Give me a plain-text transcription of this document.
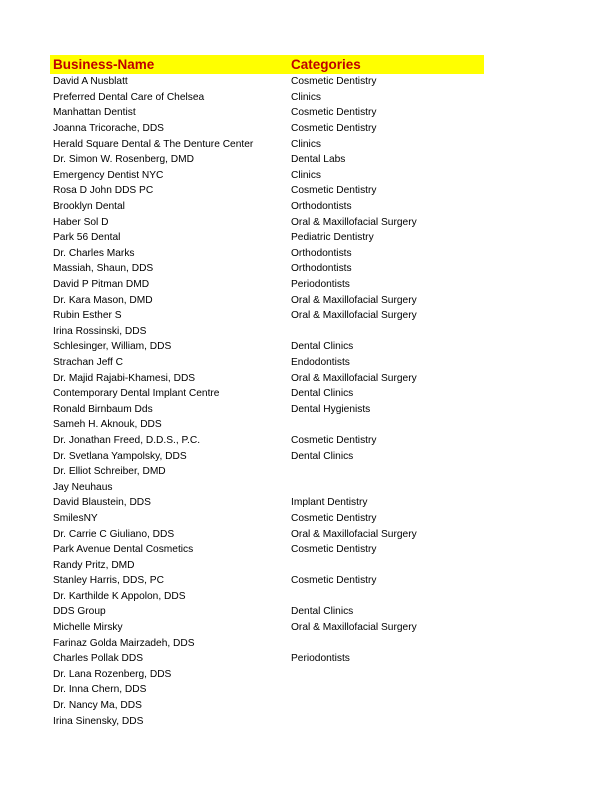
Business-Name	Categories
David A Nusblatt	Cosmetic Dentistry
Preferred Dental Care of Chelsea	Clinics
Manhattan Dentist	Cosmetic Dentistry
Joanna Tricorache, DDS	Cosmetic Dentistry
Herald Square Dental & The Denture Center	Clinics
Dr. Simon W. Rosenberg, DMD	Dental Labs
Emergency Dentist NYC	Clinics
Rosa D John DDS PC	Cosmetic Dentistry
Brooklyn Dental	Orthodontists
Haber Sol D	Oral & Maxillofacial Surgery
Park 56 Dental	Pediatric Dentistry
Dr. Charles Marks	Orthodontists
Massiah, Shaun, DDS	Orthodontists
David P Pitman DMD	Periodontists
Dr. Kara Mason, DMD	Oral & Maxillofacial Surgery
Rubin Esther S	Oral & Maxillofacial Surgery
Irina Rossinski, DDS
Schlesinger, William, DDS	Dental Clinics
Strachan Jeff C	Endodontists
Dr. Majid Rajabi-Khamesi, DDS	Oral & Maxillofacial Surgery
Contemporary Dental Implant Centre	Dental Clinics
Ronald Birnbaum Dds	Dental Hygienists
Sameh H. Aknouk, DDS
Dr. Jonathan Freed, D.D.S., P.C.	Cosmetic Dentistry
Dr. Svetlana Yampolsky, DDS	Dental Clinics
Dr. Elliot Schreiber, DMD
Jay Neuhaus
David Blaustein, DDS	Implant Dentistry
SmilesNY	Cosmetic Dentistry
Dr. Carrie C Giuliano, DDS	Oral & Maxillofacial Surgery
Park Avenue Dental Cosmetics	Cosmetic Dentistry
Randy Pritz, DMD
Stanley Harris, DDS, PC	Cosmetic Dentistry
Dr. Karthilde K Appolon, DDS
DDS Group	Dental Clinics
Michelle Mirsky	Oral & Maxillofacial Surgery
Farinaz Golda Mairzadeh, DDS
Charles Pollak DDS	Periodontists
Dr. Lana Rozenberg, DDS
Dr. Inna Chern, DDS
Dr. Nancy Ma, DDS
Irina Sinensky, DDS
